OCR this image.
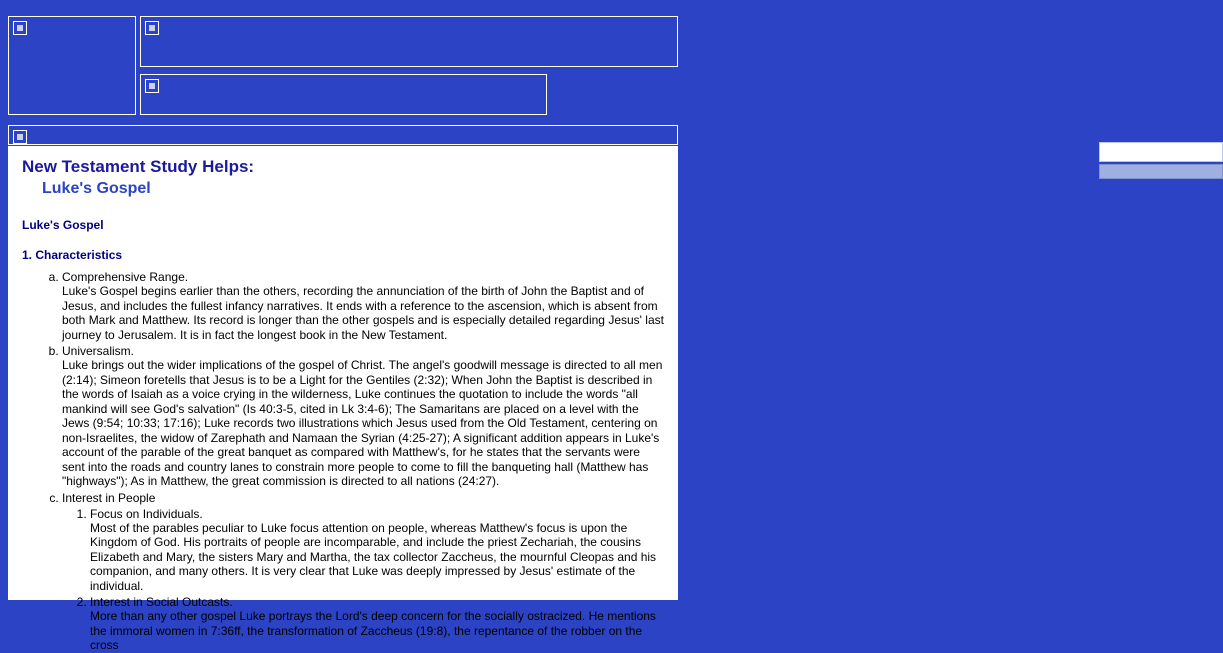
New Testament Study Helps:
Luke's Gospel
Luke's Gospel
1. Characteristics
a. Comprehensive Range.

Luke's Gospel begins earlier than the others, recording the annunciation of the birth of John the Baptist and of Jesus, and includes the fullest infancy narratives. It ends with a reference to the ascension, which is absent from both Mark and Matthew. Its record is longer than the other gospels and is especially detailed regarding Jesus' last journey to Jerusalem. It is in fact the longest book in the New Testament.

b. Universalism.

Luke brings out the wider implications of the gospel of Christ. The angel's goodwill message is directed to all men (2:14); Simeon foretells that Jesus is to be a Light for the Gentiles (2:32); When John the Baptist is described in the words of Isaiah as a voice crying in the wilderness, Luke continues the quotation to include the words "all mankind will see God's salvation" (Is 40:3-5, cited in Lk 3:4-6); The Samaritans are placed on a level with the Jews (9:54; 10:33; 17:16); Luke records two illustrations which Jesus used from the Old Testament, centering on non-Israelites, the widow of Zarephath and Namaan the Syrian (4:25-27); A significant addition appears in Luke's account of the parable of the great banquet as compared with Matthew's, for he states that the servants were sent into the roads and country lanes to constrain more people to come to fill the banqueting hall (Matthew has "highways"); As in Matthew, the great commission is directed to all nations (24:27).

c. Interest in People
1. Focus on Individuals.

Most of the parables peculiar to Luke focus attention on people, whereas Matthew's focus is upon the Kingdom of God. His portraits of people are incomparable, and include the priest Zechariah, the cousins Elizabeth and Mary, the sisters Mary and Martha, the tax collector Zaccheus, the mournful Cleopas and his companion, and many others. It is very clear that Luke was deeply impressed by Jesus' estimate of the individual.

2. Interest in Social Outcasts.

More than any other gospel Luke portrays the Lord's deep concern for the socially ostracized. He mentions the immoral women in 7:36ff, the transformation of Zaccheus (19:8), the repentance of the robber on the cross
